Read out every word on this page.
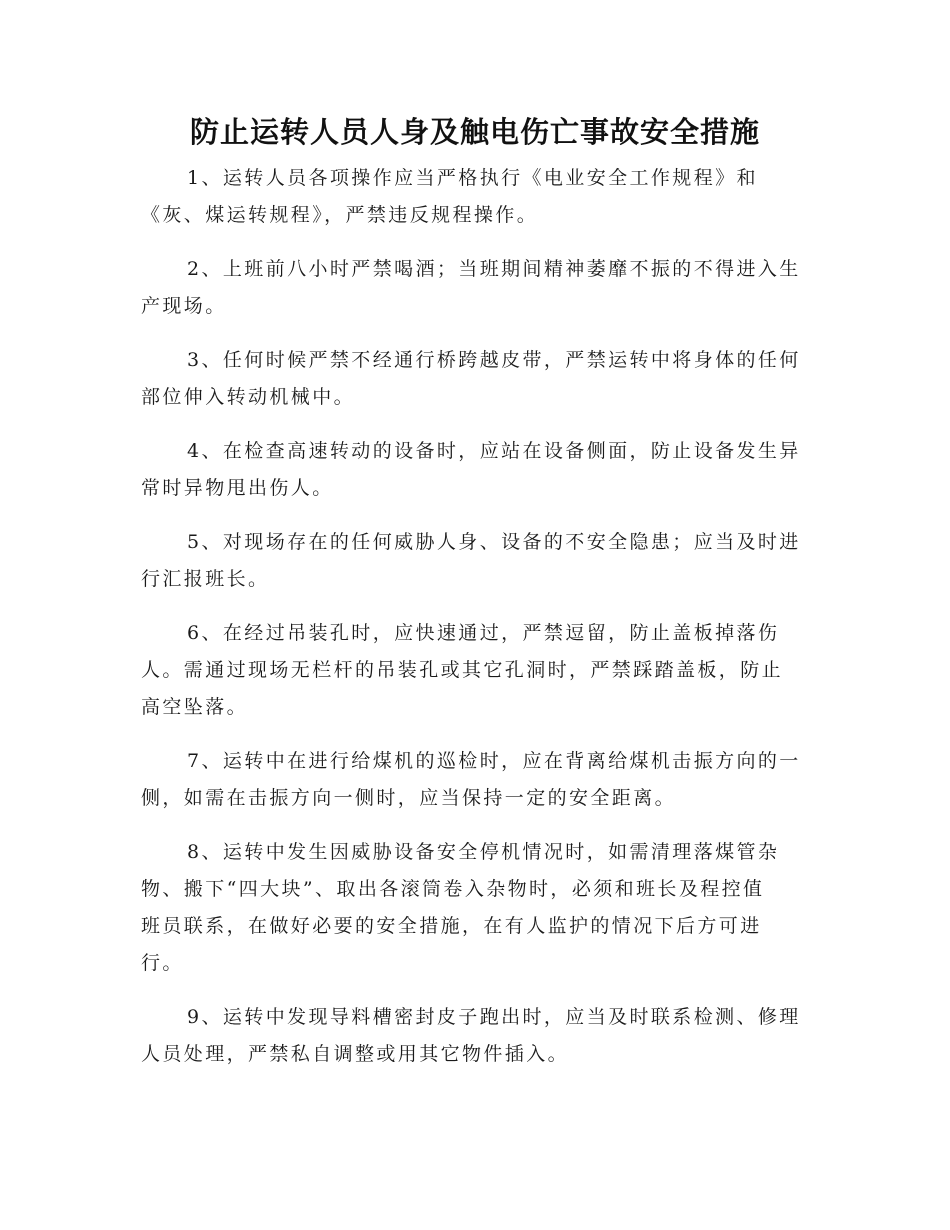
防止运转人员人身及触电伤亡事故安全措施

1、运转人员各项操作应当严格执行《电业安全工作规程》和
《灰、煤运转规程》，严禁违反规程操作。

2、上班前八小时严禁喝酒；当班期间精神萎靡不振的不得进入生
产现场。

3、任何时候严禁不经通行桥跨越皮带，严禁运转中将身体的任何
部位伸入转动机械中。

4、在检查高速转动的设备时，应站在设备侧面，防止设备发生异
常时异物甩出伤人。

5、对现场存在的任何威胁人身、设备的不安全隐患；应当及时进
行汇报班长。

6、在经过吊装孔时，应快速通过，严禁逗留，防止盖板掉落伤
人。需通过现场无栏杆的吊装孔或其它孔洞时，严禁踩踏盖板，防止
高空坠落。

7、运转中在进行给煤机的巡检时，应在背离给煤机击振方向的一
侧，如需在击振方向一侧时，应当保持一定的安全距离。

8、运转中发生因威胁设备安全停机情况时，如需清理落煤管杂
物、搬下“四大块”、取出各滚筒卷入杂物时，必须和班长及程控值
班员联系，在做好必要的安全措施，在有人监护的情况下后方可进
行。

9、运转中发现导料槽密封皮子跑出时，应当及时联系检测、修理
人员处理，严禁私自调整或用其它物件插入。
